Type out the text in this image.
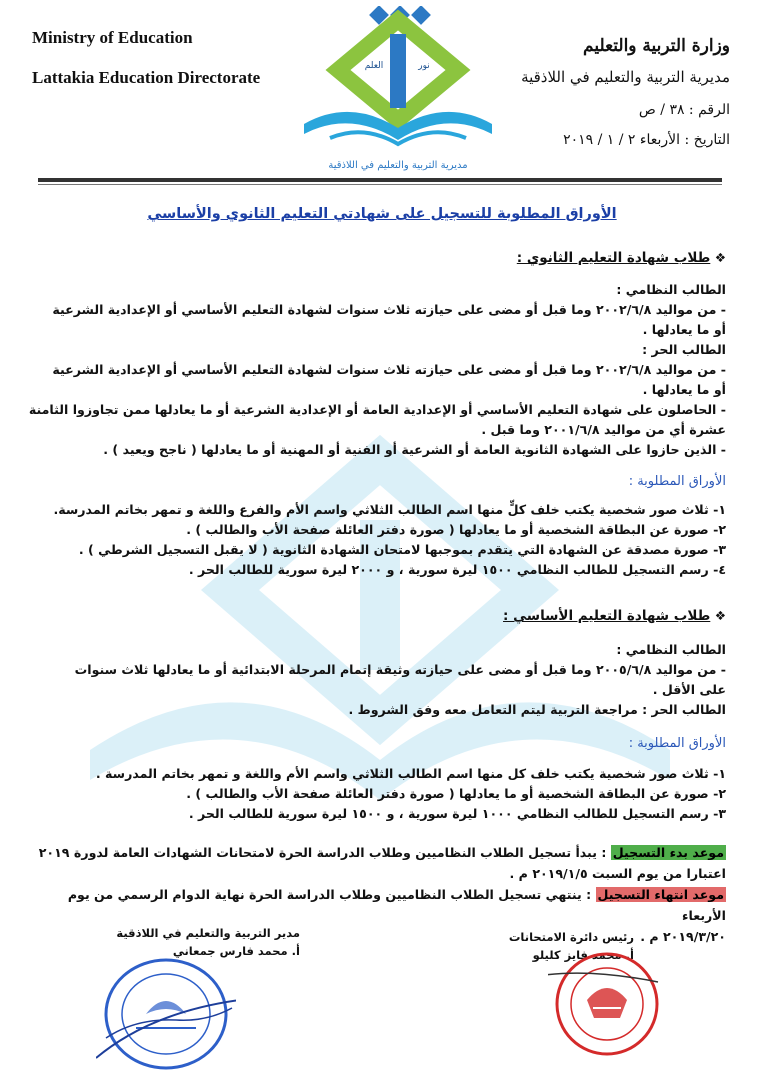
Ministry of Education
Lattakia Education Directorate
العلم	نور
مديرية التربية والتعليم في اللاذقية
وزارة التربية والتعليم
مديرية التربية والتعليم في اللاذقية
الرقم : ٣٨ / ص
التاريخ : الأربعاء ٢ / ١ / ٢٠١٩
الأوراق المطلوبة للتسجيل على شهادتي التعليم الثانوي والأساسي
❖ طلاب شهادة التعليم الثانوي :
الطالب النظامي :
- من مواليد ٢٠٠٢/٦/٨ وما قبل أو مضى على حيازته ثلاث سنوات لشهادة التعليم الأساسي أو الإعدادية الشرعية
أو ما يعادلها .
الطالب الحر :
- من مواليد ٢٠٠٢/٦/٨ وما قبل أو مضى على حيازته ثلاث سنوات لشهادة التعليم الأساسي أو الإعدادية الشرعية
أو ما يعادلها .
- الحاصلون على شهادة التعليم الأساسي أو الإعدادية العامة أو الإعدادية الشرعية أو ما يعادلها ممن تجاوزوا الثامنة
عشرة أي من مواليد ٢٠٠١/٦/٨ وما قبل .
- الذين حازوا على الشهادة الثانوية العامة أو الشرعية أو الفنية أو المهنية أو ما يعادلها ( ناجح ويعيد ) .
الأوراق المطلوبة :
١- ثلاث صور شخصية يكتب خلف كلٍّ منها اسم الطالب الثلاثي واسم الأم والفرع واللغة و تمهر بخاتم المدرسة.
٢- صورة عن البطاقة الشخصية أو ما يعادلها ( صورة دفتر العائلة صفحة الأب والطالب ) .
٣- صورة مصدقة عن الشهادة التي يتقدم بموجبها لامتحان الشهادة الثانوية ( لا يقبل التسجيل الشرطي ) .
٤- رسم التسجيل للطالب النظامي ١٥٠٠ ليرة سورية ، و ٢٠٠٠ ليرة سورية للطالب الحر .
❖ طلاب شهادة التعليم الأساسي :
الطالب النظامي :
- من مواليد ٢٠٠٥/٦/٨ وما قبل أو مضى على حيازته وثيقة إتمام المرحلة الابتدائية أو ما يعادلها ثلاث سنوات
على الأقل .
الطالب الحر : مراجعة التربية ليتم التعامل معه وفق الشروط .
الأوراق المطلوبة :
١- ثلاث صور شخصية يكتب خلف كل منها اسم الطالب الثلاثي واسم الأم واللغة و تمهر بخاتم المدرسة .
٢- صورة عن البطاقة الشخصية أو ما يعادلها ( صورة دفتر العائلة صفحة الأب والطالب ) .
٣- رسم التسجيل للطالب النظامي ١٠٠٠ ليرة سورية ، و ١٥٠٠ ليرة سورية للطالب الحر .
موعد بدء التسجيل : يبدأ تسجيل الطلاب النظاميين وطلاب الدراسة الحرة لامتحانات الشهادات العامة لدورة ٢٠١٩
اعتبارا من يوم السبت ٢٠١٩/١/٥ م .
موعد انتهاء التسجيل : ينتهي تسجيل الطلاب النظاميين وطلاب الدراسة الحرة نهاية الدوام الرسمي من يوم الأربعاء
٢٠١٩/٣/٢٠ م .
مدير التربية والتعليم في اللاذقية
أ. محمد فارس جمعاني
رئيس دائرة الامتحانات
أ. محمد فايز كليلو
